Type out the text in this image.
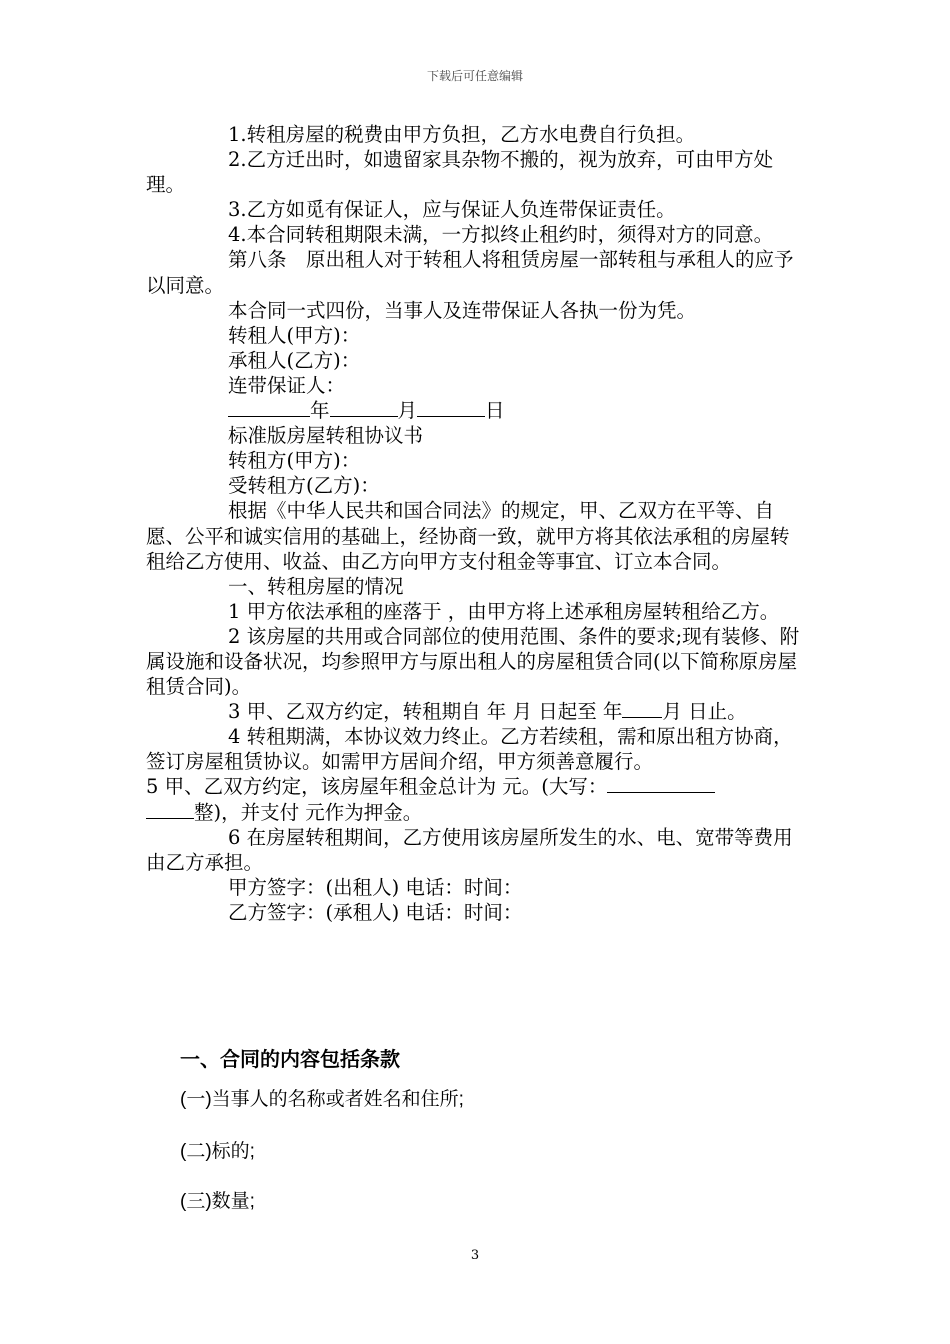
下载后可任意编辑

1.转租房屋的税费由甲方负担，乙方水电费自行负担。

2.乙方迁出时，如遗留家具杂物不搬的，视为放弃，可由甲方处理。

3.乙方如觅有保证人，应与保证人负连带保证责任。

4.本合同转租期限未满，一方拟终止租约时，须得对方的同意。

第八条　原出租人对于转租人将租赁房屋一部转租与承租人的应予以同意。

本合同一式四份，当事人及连带保证人各执一份为凭。

转租人(甲方)：

承租人(乙方)：

连带保证人：

年	月	日

标准版房屋转租协议书

转租方(甲方)：

受转租方(乙方)：

根据《中华人民共和国合同法》的规定，甲、乙双方在平等、自愿、公平和诚实信用的基础上，经协商一致，就甲方将其依法承租的房屋转租给乙方使用、收益、由乙方向甲方支付租金等事宜、订立本合同。

一、转租房屋的情况

1 甲方依法承租的座落于 ，由甲方将上述承租房屋转租给乙方。

2 该房屋的共用或合同部位的使用范围、条件的要求;现有装修、附属设施和设备状况，均参照甲方与原出租人的房屋租赁合同(以下简称原房屋租赁合同)。

3 甲、乙双方约定，转租期自 年 月 日起至 年 月 日止。

4 转租期满，本协议效力终止。乙方若续租，需和原出租方协商，签订房屋租赁协议。如需甲方居间介绍，甲方须善意履行。

5 甲、乙双方约定，该房屋年租金总计为 元。(大写：
整)，并支付 元作为押金。

6 在房屋转租期间，乙方使用该房屋所发生的水、电、宽带等费用由乙方承担。

甲方签字：(出租人) 电话：时间：

乙方签字：(承租人) 电话：时间：

一、合同的内容包括条款
(一)当事人的名称或者姓名和住所;
(二)标的;
(三)数量;
3
